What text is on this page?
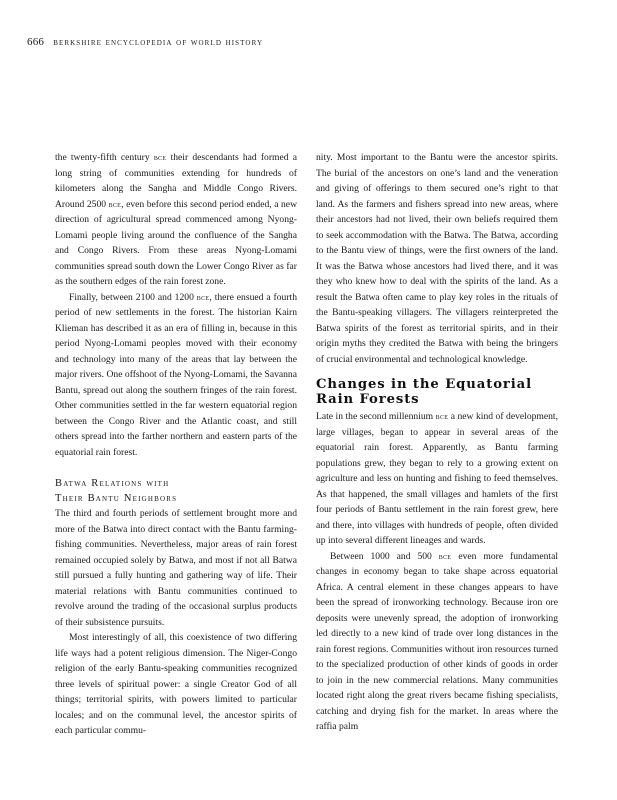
666 berkshire encyclopedia of world history

the twenty-fifth century bce their descendants had formed a long string of communities extending for hundreds of kilometers along the Sangha and Middle Congo Rivers. Around 2500 bce, even before this second period ended, a new direction of agricultural spread commenced among Nyong-Lomami people living around the confluence of the Sangha and Congo Rivers. From these areas Nyong-Lomami communities spread south down the Lower Congo River as far as the southern edges of the rain forest zone.

Finally, between 2100 and 1200 bce, there ensued a fourth period of new settlements in the forest. The historian Kairn Klieman has described it as an era of filling in, because in this period Nyong-Lomami peoples moved with their economy and technology into many of the areas that lay between the major rivers. One offshoot of the Nyong-Lomami, the Savanna Bantu, spread out along the southern fringes of the rain forest. Other communities settled in the far western equatorial region between the Congo River and the Atlantic coast, and still others spread into the farther northern and eastern parts of the equatorial rain forest.

Batwa Relations with
Their Bantu Neighbors

The third and fourth periods of settlement brought more and more of the Batwa into direct contact with the Bantu farming-fishing communities. Nevertheless, major areas of rain forest remained occupied solely by Batwa, and most if not all Batwa still pursued a fully hunting and gathering way of life. Their material relations with Bantu communities continued to revolve around the trading of the occasional surplus products of their subsistence pursuits.

Most interestingly of all, this coexistence of two differing life ways had a potent religious dimension. The Niger-Congo religion of the early Bantu-speaking communities recognized three levels of spiritual power: a single Creator God of all things; territorial spirits, with powers limited to particular locales; and on the communal level, the ancestor spirits of each particular commu-

nity. Most important to the Bantu were the ancestor spirits. The burial of the ancestors on one’s land and the veneration and giving of offerings to them secured one’s right to that land. As the farmers and fishers spread into new areas, where their ancestors had not lived, their own beliefs required them to seek accommodation with the Batwa. The Batwa, according to the Bantu view of things, were the first owners of the land. It was the Batwa whose ancestors had lived there, and it was they who knew how to deal with the spirits of the land. As a result the Batwa often came to play key roles in the rituals of the Bantu-speaking villagers. The villagers reinterpreted the Batwa spirits of the forest as territorial spirits, and in their origin myths they credited the Batwa with being the bringers of crucial environmental and technological knowledge.

Changes in the Equatorial
Rain Forests

Late in the second millennium bce a new kind of development, large villages, began to appear in several areas of the equatorial rain forest. Apparently, as Bantu farming populations grew, they began to rely to a growing extent on agriculture and less on hunting and fishing to feed themselves. As that happened, the small villages and hamlets of the first four periods of Bantu settlement in the rain forest grew, here and there, into villages with hundreds of people, often divided up into several different lineages and wards.

Between 1000 and 500 bce even more fundamental changes in economy began to take shape across equatorial Africa. A central element in these changes appears to have been the spread of ironworking technology. Because iron ore deposits were unevenly spread, the adoption of ironworking led directly to a new kind of trade over long distances in the rain forest regions. Communities without iron resources turned to the specialized production of other kinds of goods in order to join in the new commercial relations. Many communities located right along the great rivers became fishing specialists, catching and drying fish for the market. In areas where the raffia palm
